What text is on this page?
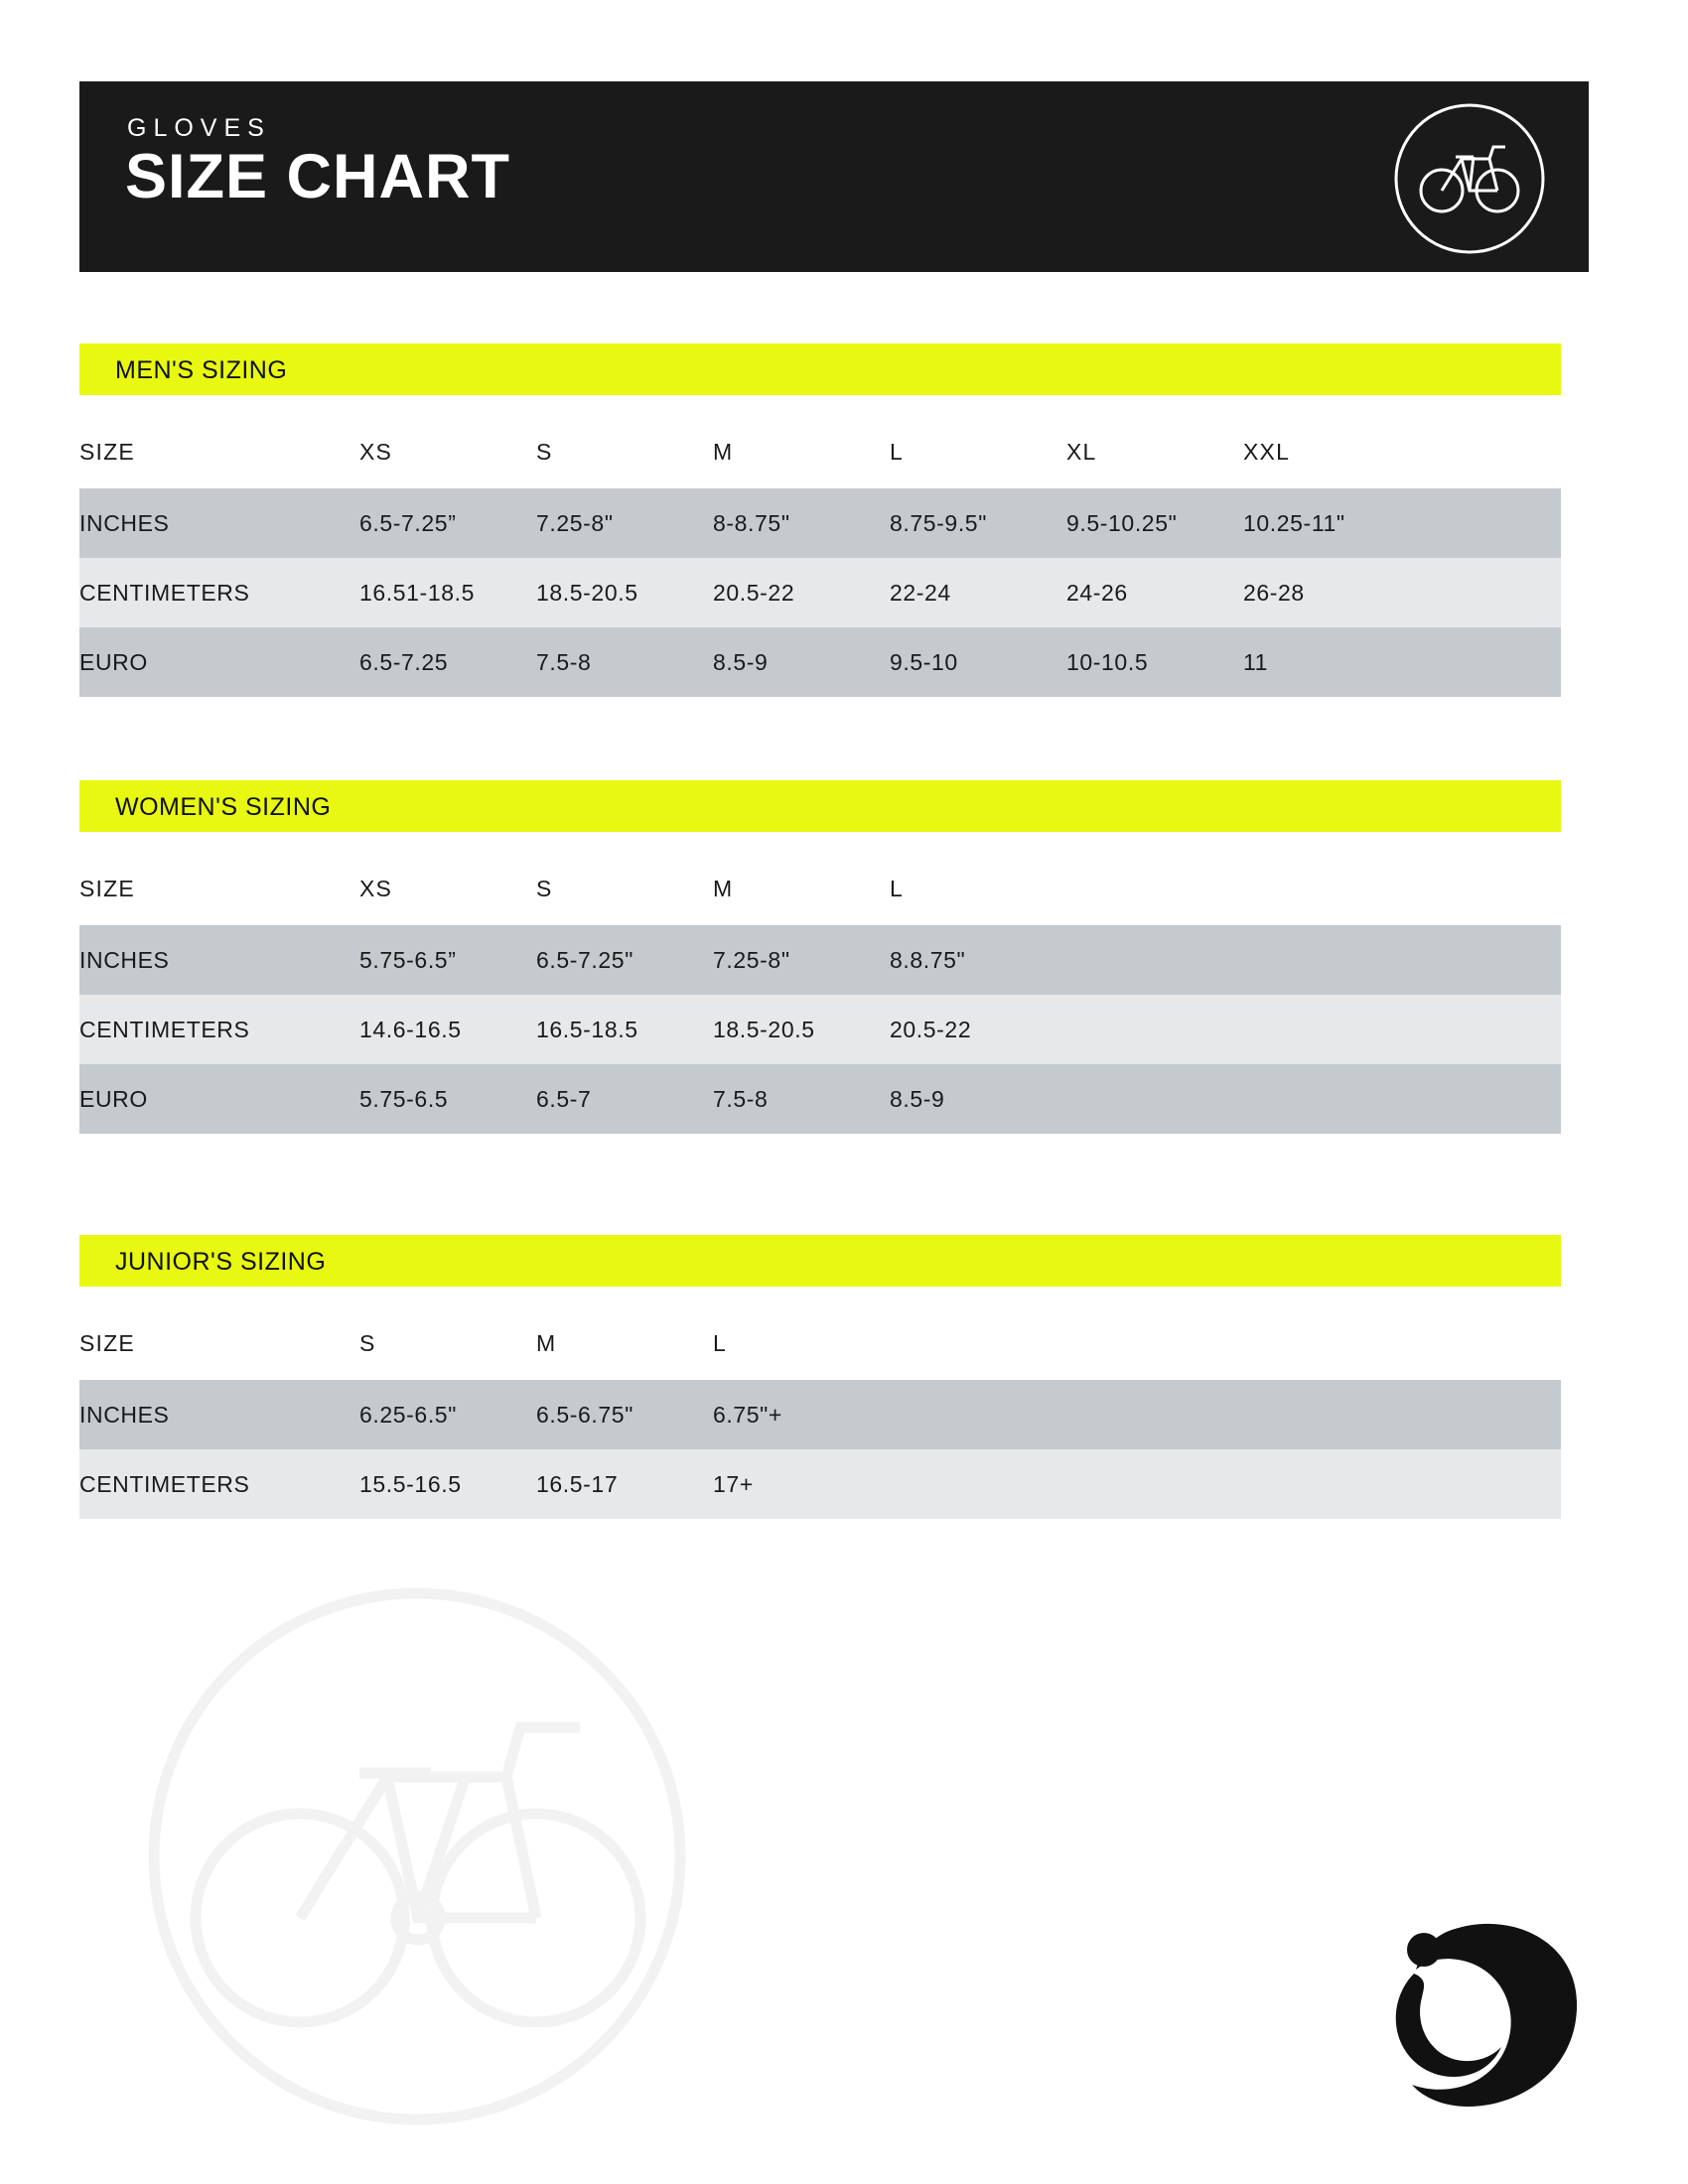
GLOVES
SIZE CHART
MEN'S SIZING
SIZE	XS	S	M	L	XL	XXL
INCHES	6.5-7.25”	7.25-8"	8-8.75"	8.75-9.5"	9.5-10.25"	10.25-11"
CENTIMETERS	16.51-18.5	18.5-20.5	20.5-22	22-24	24-26	26-28
EURO	6.5-7.25	7.5-8	8.5-9	9.5-10	10-10.5	11
WOMEN'S SIZING
SIZE	XS	S	M	L
INCHES	5.75-6.5”	6.5-7.25"	7.25-8"	8.8.75"
CENTIMETERS	14.6-16.5	16.5-18.5	18.5-20.5	20.5-22
EURO	5.75-6.5	6.5-7	7.5-8	8.5-9
JUNIOR'S SIZING
SIZE	S	M	L
INCHES	6.25-6.5"	6.5-6.75"	6.75"+
CENTIMETERS	15.5-16.5	16.5-17	17+
